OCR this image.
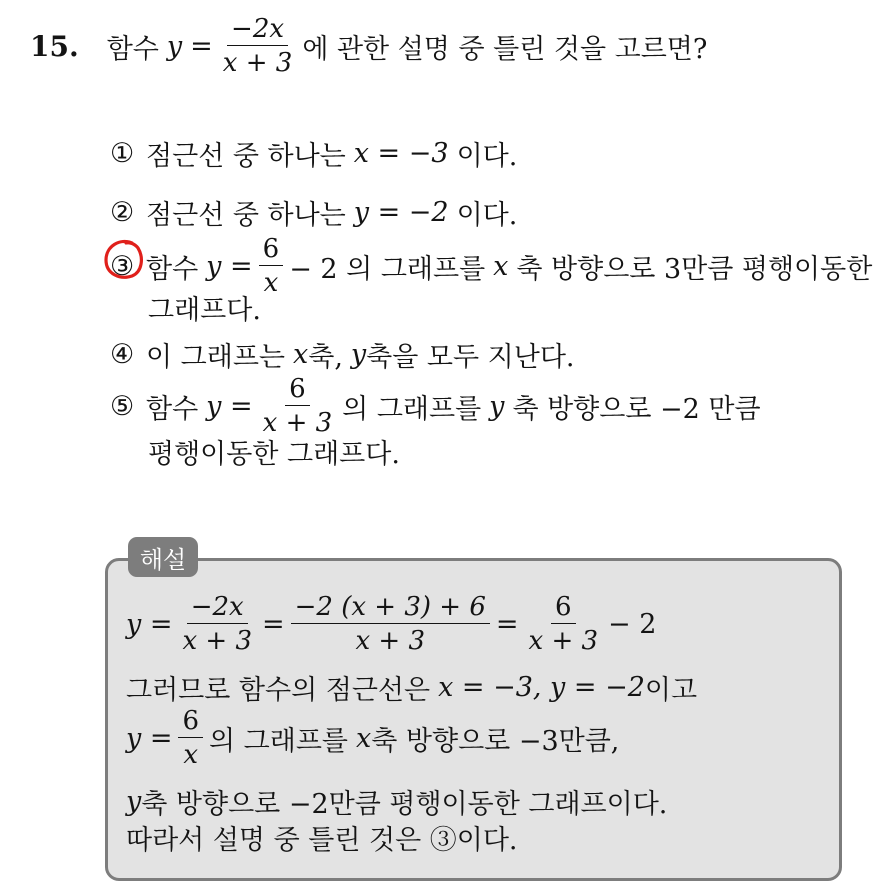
15. 함수 $y = \frac{-2x}{x + 3}$ 에 관한 설명 중 틀린 것을 고르면?
① 점근선 중 하나는 x = −3 이다.
② 점근선 중 하나는 y = −2 이다.
③ 함수 $y = \frac{6}{x} - 2$ 의 그래프를 x 축 방향으로 3만큼 평행이동한
그래프다.
④ 이 그래프는 x 축, y 축을 모두 지난다.
⑤ 함수 $y = \frac{6}{x + 3}$ 의 그래프를 y 축 방향으로 −2 만큼
평행이동한 그래프다.
해설
$y = \frac{-2x}{x + 3} = \frac{-2 (x + 3) + 6}{x + 3} = \frac{6}{x + 3} - 2$
그러므로 함수의 점근선은 x = −3, y = −2 이고
$y = \frac{6}{x}$ 의 그래프를 x 축 방향으로 −3만큼,
y 축 방향으로 −2만큼 평행이동한 그래프이다.
따라서 설명 중 틀린 것은 ③이다.
